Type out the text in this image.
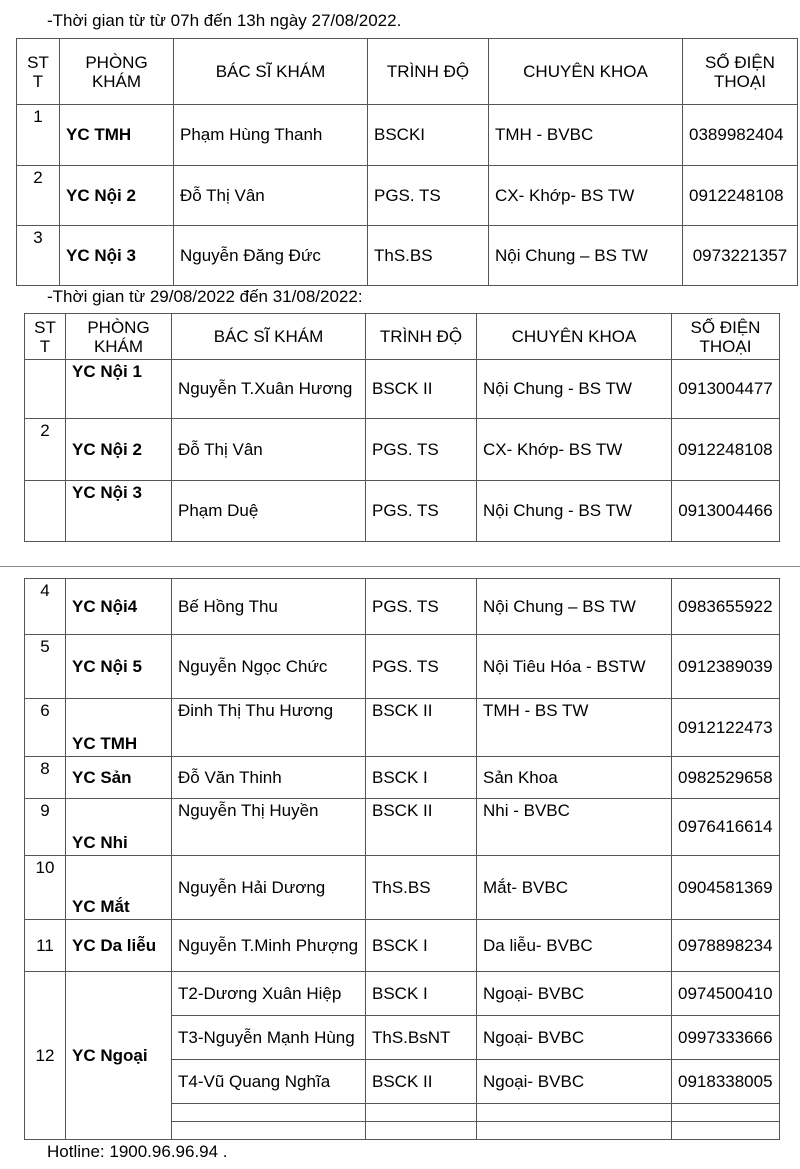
-Thời gian từ từ 07h đến 13h ngày 27/08/2022.
ST T	PHÒNG KHÁM	BÁC SĨ KHÁM	TRÌNH ĐỘ	CHUYÊN KHOA	SỐ ĐIỆN THOẠI
1	YC TMH	Phạm Hùng Thanh	BSCKI	TMH - BVBC	0389982404
2	YC Nội 2	Đỗ Thị Vân	PGS. TS	CX- Khớp- BS TW	0912248108
3	YC Nội 3	Nguyễn Đăng Đức	ThS.BS	Nội Chung – BS TW	0973221357
-Thời gian từ 29/08/2022 đến 31/08/2022:
ST T	PHÒNG KHÁM	BÁC SĨ KHÁM	TRÌNH ĐỘ	CHUYÊN KHOA	SỐ ĐIỆN THOẠI
	YC Nội 1	Nguyễn T.Xuân Hương	BSCK II	Nội Chung - BS TW	0913004477
2	YC Nội 2	Đỗ Thị Vân	PGS. TS	CX- Khớp- BS TW	0912248108
	YC Nội 3	Phạm Duệ	PGS. TS	Nội Chung - BS TW	0913004466
4	YC Nội4	Bế Hồng Thu	PGS. TS	Nội Chung – BS TW	0983655922
5	YC Nội 5	Nguyễn Ngọc Chức	PGS. TS	Nội Tiêu Hóa - BSTW	0912389039
6	YC TMH	Đinh Thị Thu Hương	BSCK II	TMH - BS TW	0912122473
8	YC Sản	Đỗ Văn Thinh	BSCK I	Sản Khoa	0982529658
9	YC Nhi	Nguyễn Thị Huyền	BSCK II	Nhi - BVBC	0976416614
10	YC Mắt	Nguyễn Hải Dương	ThS.BS	Mắt- BVBC	0904581369
11	YC Da liễu	Nguyễn T.Minh Phượng	BSCK I	Da liễu- BVBC	0978898234
12	YC Ngoại	T2-Dương Xuân Hiệp	BSCK I	Ngoại- BVBC	0974500410
		T3-Nguyễn Mạnh Hùng	ThS.BsNT	Ngoại- BVBC	0997333666
		T4-Vũ Quang Nghĩa	BSCK II	Ngoại- BVBC	0918338005

Hotline: 1900.96.96.94 .
